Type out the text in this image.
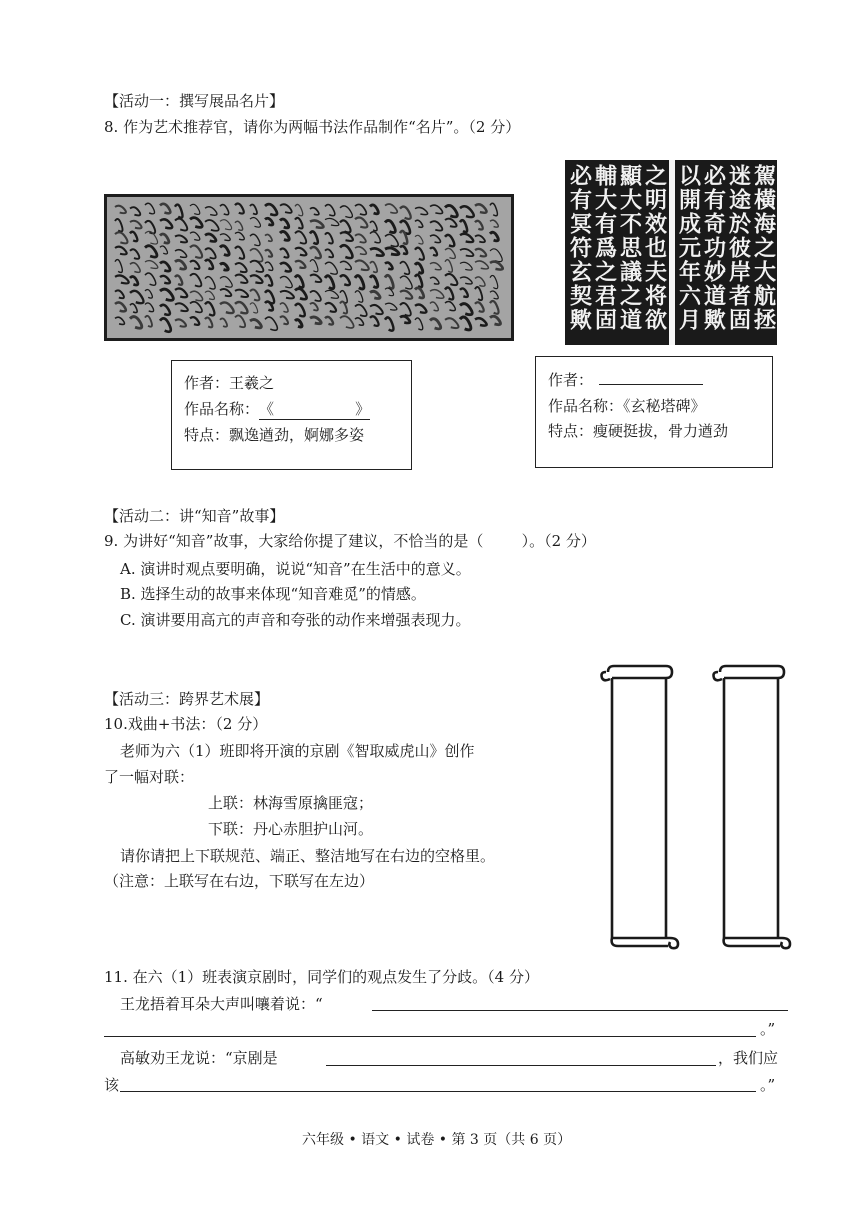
【活动一：撰写展品名片】
8. 作为艺术推荐官，请你为两幅书法作品制作“名片”。（2 分）
之明效也夫将欲
顯大不思議之道
輔大有爲之君固
必有冥符玄契歟	駕橫海之大航拯
迷途於彼岸者固
必有奇功妙道歟
以開成元年六月
作者：王羲之
作品名称：《                 》
特点：飘逸遒劲，婀娜多姿
作者：
作品名称：《玄秘塔碑》
特点：瘦硬挺拔，骨力遒劲
【活动二：讲“知音”故事】
9. 为讲好“知音”故事，大家给你提了建议，不恰当的是（        ）。（2 分）
A. 演讲时观点要明确，说说“知音”在生活中的意义。
B. 选择生动的故事来体现“知音难觅”的情感。
C. 演讲要用高亢的声音和夸张的动作来增强表现力。
【活动三：跨界艺术展】
10.戏曲+书法：（2 分）
老师为六（1）班即将开演的京剧《智取威虎山》创作
了一幅对联：
上联：林海雪原擒匪寇；
下联：丹心赤胆护山河。
请你请把上下联规范、端正、整洁地写在右边的空格里。
（注意：上联写在右边，下联写在左边）
11. 在六（1）班表演京剧时，同学们的观点发生了分歧。（4 分）
王龙捂着耳朵大声叫嚷着说：“
。”
高敏劝王龙说：“京剧是	，我们应
该	。”
六年级 • 语文 • 试卷 • 第 3 页（共 6 页）
